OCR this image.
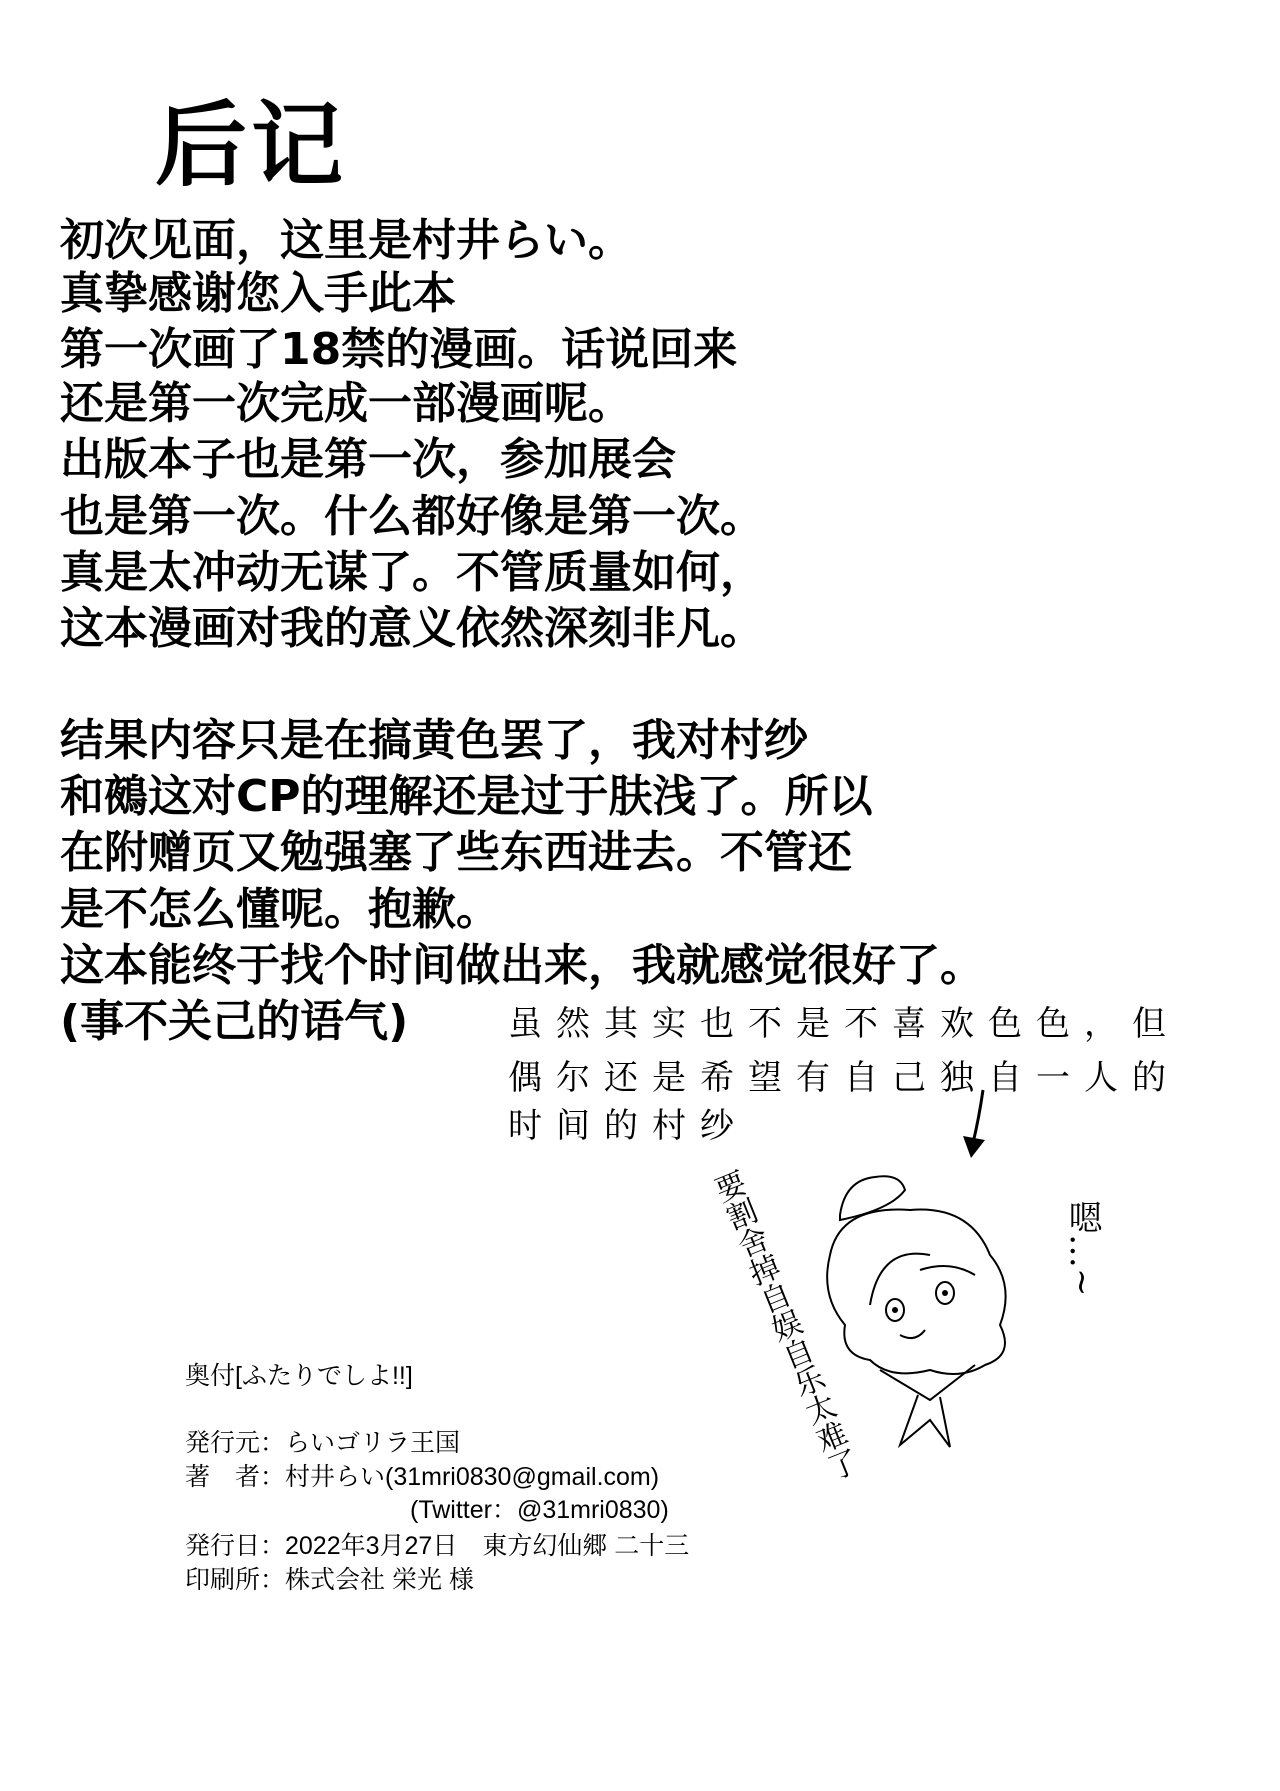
后记
初次见面，这里是村井らい。
真挚感谢您入手此本
第一次画了18禁的漫画。话说回来
还是第一次完成一部漫画呢。
出版本子也是第一次，参加展会
也是第一次。什么都好像是第一次。
真是太冲动无谋了。不管质量如何，
这本漫画对我的意义依然深刻非凡。
结果内容只是在搞黄色罢了，我对村纱
和鵺这对CP的理解还是过于肤浅了。所以
在附赠页又勉强塞了些东西进去。不管还
是不怎么懂呢。抱歉。
这本能终于找个时间做出来，我就感觉很好了。
(事不关己的语气)	虽然其实也不是不喜欢色色，但
偶尔还是希望有自己独自一人的
时间的村纱
要割舍掉自娱自乐太难了	嗯…~
奥付[ふたりでしよ!!]
発行元：らいゴリラ王国
著　者：村井らい(31mri0830@gmail.com)
(Twitter：@31mri0830)
発行日：2022年3月27日　東方幻仙郷 二十三
印刷所：株式会社 栄光 様
